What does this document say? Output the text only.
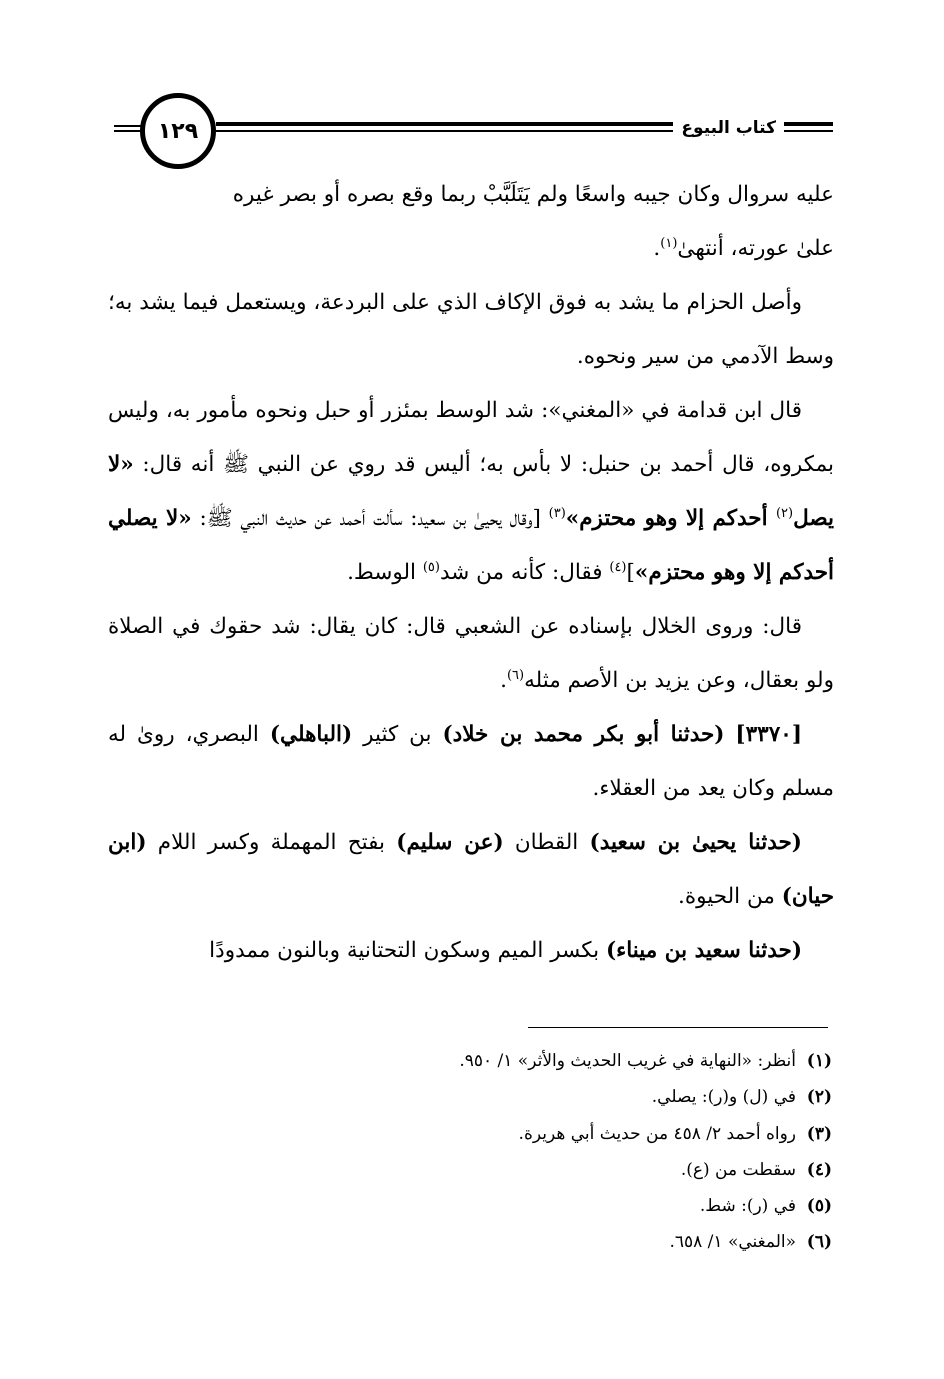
كتاب البيوع
١٢٩

عليه سروال وكان جيبه واسعًا ولم يَتَلَبَّبْ ربما وقع بصره أو بصر غيره
علىٰ عورته، أنتهىٰ$^{(١)}$.

وأصل الحزام ما يشد به فوق الإكاف الذي على البردعة، ويستعمل فيما يشد به؛ وسط الآدمي من سير ونحوه.

قال ابن قدامة في «المغني»: شد الوسط بمئزر أو حبل ونحوه مأمور به، وليس بمكروه، قال أحمد بن حنبل: لا بأس به؛ أليس قد روي عن النبي ﷺ أنه قال: «لا يصل$^{(٢)}$ أحدكم إلا وهو محتزم»$^{(٣)}$ [وقال يحيىٰ بن سعيد: سألت أحمد عن حديث النبي ﷺ: «لا يصلي أحدكم إلا وهو محتزم»]$^{(٤)}$ فقال: كأنه من شد$^{(٥)}$ الوسط.

قال: وروى الخلال بإسناده عن الشعبي قال: كان يقال: شد حقوك في الصلاة ولو بعقال، وعن يزيد بن الأصم مثله$^{(٦)}$.

[٣٣٧٠] (حدثنا أبو بكر محمد بن خلاد) بن كثير (الباهلي) البصري، روىٰ له مسلم وكان يعد من العقلاء.

(حدثنا يحيىٰ بن سعيد) القطان (عن سليم) بفتح المهملة وكسر اللام (ابن حيان) من الحيوة.

(حدثنا سعيد بن ميناء) بكسر الميم وسكون التحتانية وبالنون ممدودًا

(١)أنظر: «النهاية في غريب الحديث والأثر» ١/ ٩٥٠.
(٢)في (ل) و(ر): يصلي.
(٣)رواه أحمد ٢/ ٤٥٨ من حديث أبي هريرة.
(٤)سقطت من (ع).
(٥)في (ر): شط.
(٦)«المغني» ١/ ٦٥٨.
